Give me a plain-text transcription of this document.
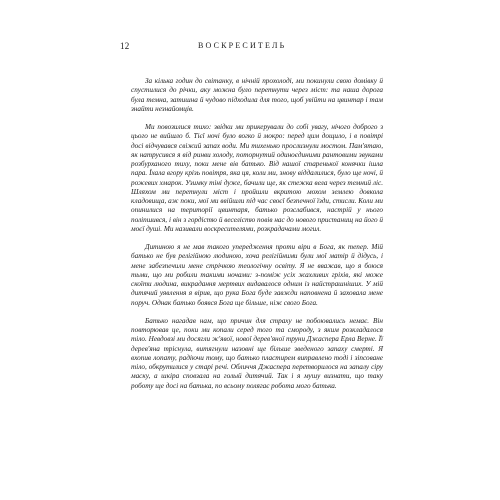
12	ВОСКРЕСИТЕЛЬ

За кілька годин до світанку, в нічній прохолоді, ми покинули свою домівку й спустилися до річки, аку можна було перетнути через міст: та наша дорога була темна, затишна й чудово підходила для того, щоб увійти на цвинтар і там знайти незнайомців.

Ми повозилися тихо: звідки ми прикерували до собі увагу, нічого доброго з цього не вийшло б. Тієї ночі було вогко й мокро: перед цим дощило, і в повітрі досі відчувався свіжий запах води. Ми тихенько прослизнули мостом. Пам'ятаю, як натрусився я від ринви холоду, поторнутий одиноєдиними рантовими звуками розбурханого тиху, поки мене вів батько. Від нашої старенької конячки ішла пара. Їхала вгору крізь повітря, яка ця, коли ми, знову віддалилися, було ще ночі, й рожевих хмарок. Узимку тіні дуже, бачили ще, як стежка вела через темний ліс. Шляхом ми перетнули міст і пройшли вкритою мохом землею довкола кладовища, аж поки, мої ми ввійшли під час своєї безпечної їзди, стисли. Коли ми опинилися на території цвинтаря, батько розслабився, настрій у нього поліпшився, і він з гордістю й веселістю повів нас до нового пристанищ на його й моєї душі. Ми називали воскресителями, розкрадачами могил.

Дитиною я не мав такого упередження проти віри в Бога, як тепер. Мій батько не був релігійною людиною, хоча релігійними були мої матір й дідусь, і мене забезпечили мене стрічкою теологічну освіту. Я не вважав, що я боюся тьми, що ми робили такими ночами: з-поміж усіх жахливих гріхів, які може скоїти людина, викрадання мертвих видавалося одним із найстрашніших. У мій дитячий уявлення я вірив, що рука Бога буде завжди наповнена й заховала мене поруч. Однак батько боявся Бога ще більше, ніж свого Бога.

Батько нагадав нам, що причин для страху не побоювались немає. Він повторював це, поки ми копали серед того та смороду, з яким розкладалося тіло. Невдовзі ми досягли ж'явої, нової дерев'яної труни Джаспера Ерла Верне. Її дерев'яна тріснула, витягнули назовні ще більше зведеного запаху смерті. Я вхопив лопату, радіючи тому, що батько пластирем виправлено тоді і зіпсоване тіло, обкрутилися у старі речі. Обличчя Джаспера перетворилося на запалу сіру маску, а шкіра сповзала на голый дитячий. Так і я мушу визнати, що таку роботу ще досі на батька, по всьому полягає робота мого батька.
